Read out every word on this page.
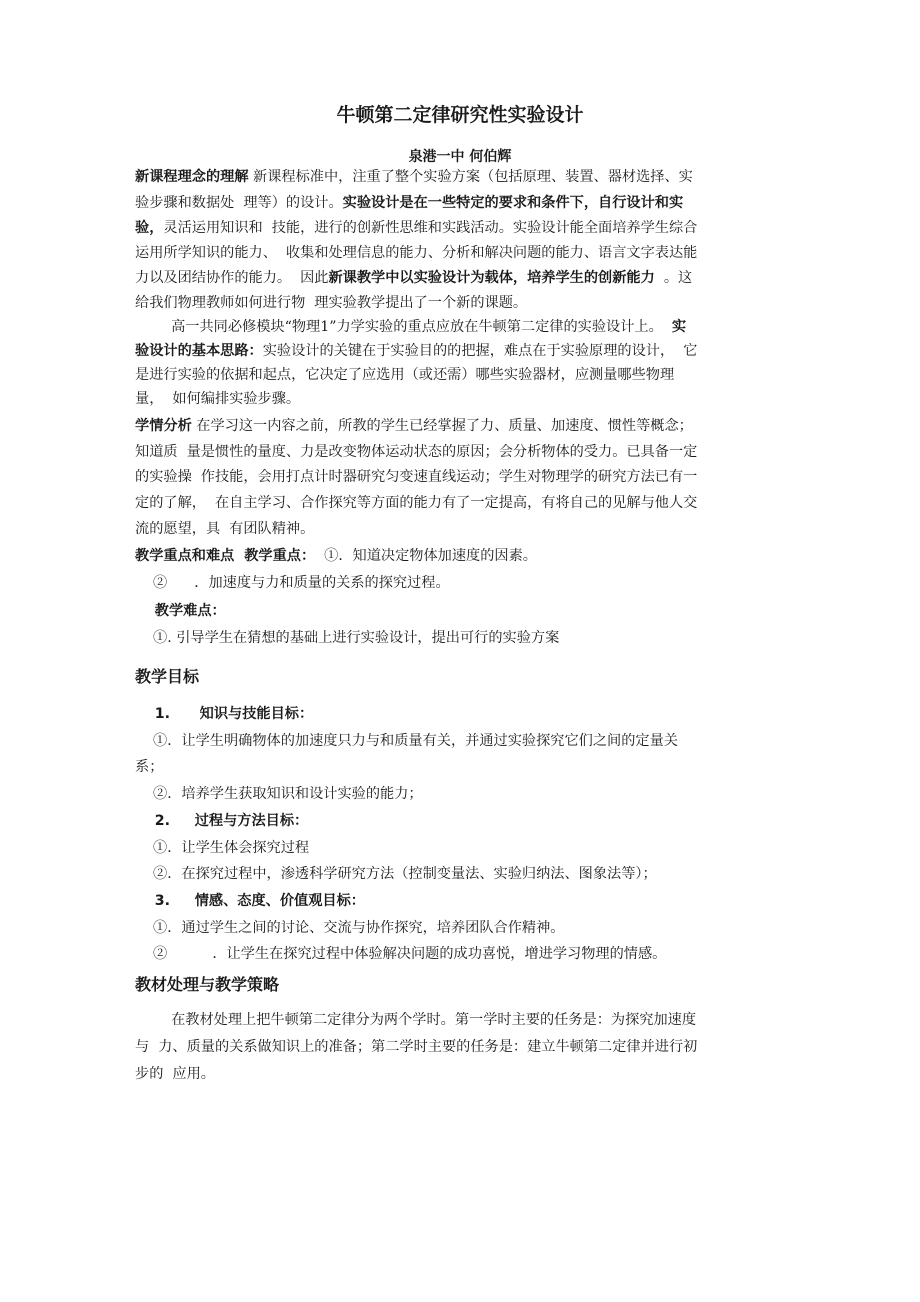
牛顿第二定律研究性实验设计
泉港一中 何伯辉
新课程理念的理解 新课程标准中，注重了整个实验方案（包括原理、装置、器材选择、实
验步骤和数据处  理等）的设计。实验设计是在一些特定的要求和条件下，自行设计和实
验，灵活运用知识和  技能，进行的创新性思维和实践活动。实验设计能全面培养学生综合
运用所学知识的能力、  收集和处理信息的能力、分析和解决问题的能力、语言文字表达能
力以及团结协作的能力。  因此新课教学中以实验设计为载体，培养学生的创新能力  。这
给我们物理教师如何进行物  理实验教学提出了一个新的课题。
高一共同必修模块“物理1”力学实验的重点应放在牛顿第二定律的实验设计上。  实
验设计的基本思路：实验设计的关键在于实验目的的把握，难点在于实验原理的设计，  它
是进行实验的依据和起点，它决定了应选用（或还需）哪些实验器材，应测量哪些物理
量，  如何编排实验步骤。
学情分析 在学习这一内容之前，所教的学生已经掌握了力、质量、加速度、惯性等概念；
知道质  量是惯性的量度、力是改变物体运动状态的原因；会分析物体的受力。已具备一定
的实验操  作技能，会用打点计时器研究匀变速直线运动；学生对物理学的研究方法已有一
定的了解，  在自主学习、合作探究等方面的能力有了一定提高，有将自己的见解与他人交
流的愿望，具  有团队精神。
教学重点和难点  教学重点：  ①．知道决定物体加速度的因素。
②      ．加速度与力和质量的关系的探究过程。
教学难点：
①. 引导学生在猜想的基础上进行实验设计，提出可行的实验方案
教学目标
1.      知识与技能目标：
①．让学生明确物体的加速度只力与和质量有关，并通过实验探究它们之间的定量关
系；
②．培养学生获取知识和设计实验的能力；
2.     过程与方法目标：
①．让学生体会探究过程
②．在探究过程中，渗透科学研究方法（控制变量法、实验归纳法、图象法等）；
3.     情感、态度、价值观目标：
①．通过学生之间的讨论、交流与协作探究，培养团队合作精神。
②          ．让学生在探究过程中体验解决问题的成功喜悦，增进学习物理的情感。
教材处理与教学策略
在教材处理上把牛顿第二定律分为两个学时。第一学时主要的任务是：为探究加速度
与  力、质量的关系做知识上的准备；第二学时主要的任务是：建立牛顿第二定律并进行初
步的  应用。
